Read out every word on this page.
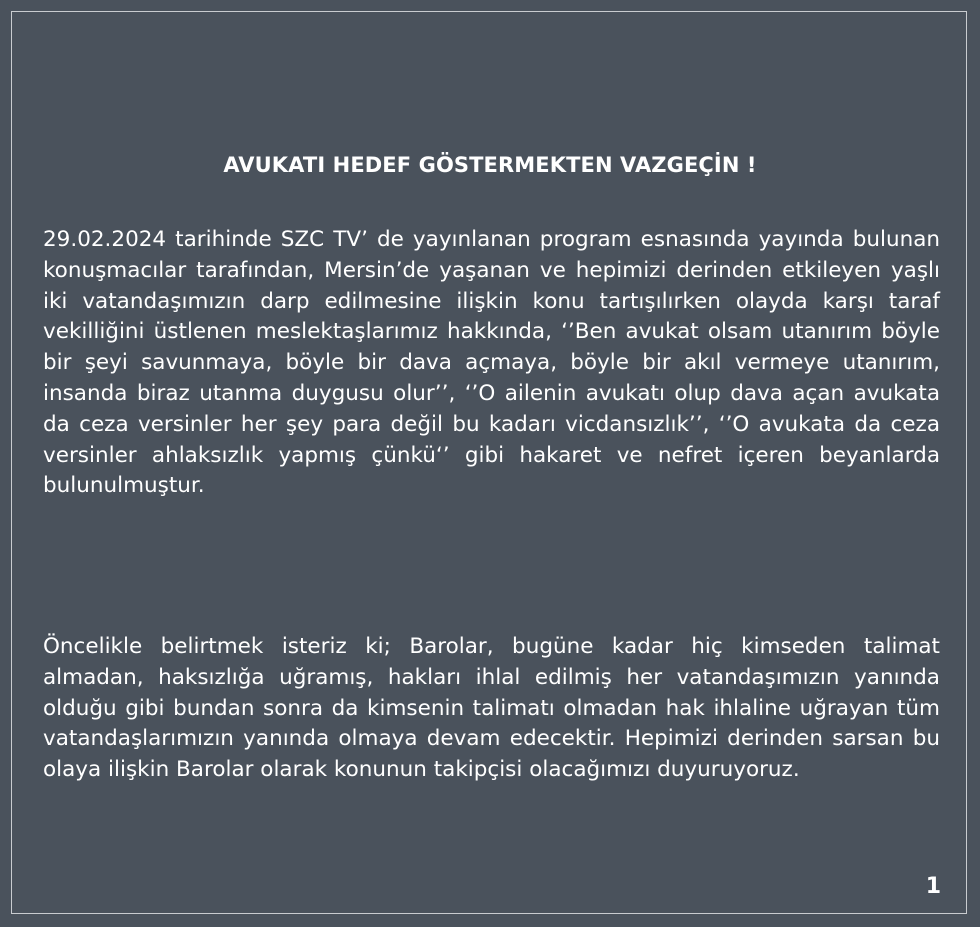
AVUKATI HEDEF GÖSTERMEKTEN VAZGEÇİN !

29.02.2024 tarihinde SZC TV’ de yayınlanan program esnasında yayında bulunan konuşmacılar tarafından, Mersin’de yaşanan ve hepimizi derinden etkileyen yaşlı iki vatandaşımızın darp edilmesine ilişkin konu tartışılırken olayda karşı taraf vekilliğini üstlenen meslektaşlarımız hakkında, ‘’Ben avukat olsam utanırım böyle bir şeyi savunmaya, böyle bir dava açmaya, böyle bir akıl vermeye utanırım, insanda biraz utanma duygusu olur’’, ‘’O ailenin avukatı olup dava açan avukata da ceza versinler her şey para değil bu kadarı vicdansızlık’’, ‘’O avukata da ceza versinler ahlaksızlık yapmış çünkü‘’ gibi hakaret ve nefret içeren beyanlarda bulunulmuştur.

Öncelikle belirtmek isteriz ki; Barolar, bugüne kadar hiç kimseden talimat almadan, haksızlığa uğramış, hakları ihlal edilmiş her vatandaşımızın yanında olduğu gibi bundan sonra da kimsenin talimatı olmadan hak ihlaline uğrayan tüm vatandaşlarımızın yanında olmaya devam edecektir. Hepimizi derinden sarsan bu olaya ilişkin Barolar olarak konunun takipçisi olacağımızı duyuruyoruz.

1
